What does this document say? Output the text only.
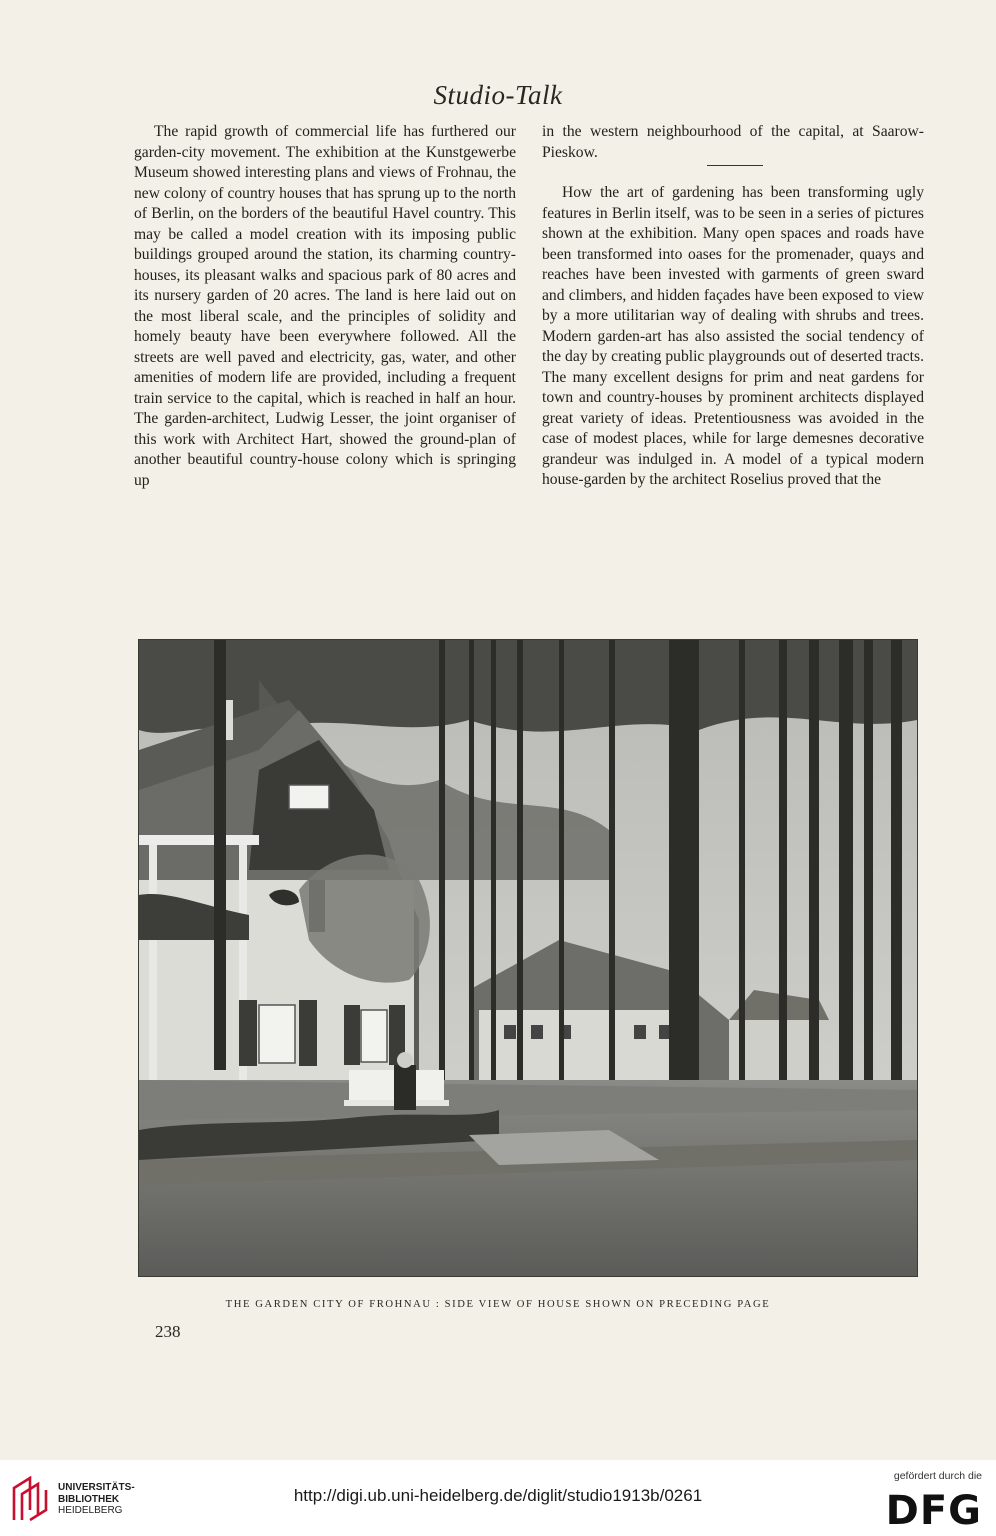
Studio-Talk

The rapid growth of commercial life has furthered our garden-city movement. The exhibition at the Kunstgewerbe Museum showed interesting plans and views of Frohnau, the new colony of country houses that has sprung up to the north of Berlin, on the borders of the beautiful Havel country. This may be called a model creation with its imposing public buildings grouped around the station, its charming country-houses, its pleasant walks and spacious park of 80 acres and its nursery garden of 20 acres. The land is here laid out on the most liberal scale, and the principles of solidity and homely beauty have been everywhere followed. All the streets are well paved and electricity, gas, water, and other amenities of modern life are provided, including a frequent train service to the capital, which is reached in half an hour. The garden-architect, Ludwig Lesser, the joint organiser of this work with Architect Hart, showed the ground-plan of another beautiful country-house colony which is springing up

in the western neighbourhood of the capital, at Saarow-Pieskow.

How the art of gardening has been transforming ugly features in Berlin itself, was to be seen in a series of pictures shown at the exhibition. Many open spaces and roads have been transformed into oases for the promenader, quays and reaches have been invested with garments of green sward and climbers, and hidden façades have been exposed to view by a more utilitarian way of dealing with shrubs and trees. Modern garden-art has also assisted the social tendency of the day by creating public playgrounds out of deserted tracts. The many excellent designs for prim and neat gardens for town and country-houses by prominent architects displayed great variety of ideas. Pretentiousness was avoided in the case of modest places, while for large demesnes decorative grandeur was indulged in. A model of a typical modern house-garden by the architect Roselius proved that the

THE GARDEN CITY OF FROHNAU : SIDE VIEW OF HOUSE SHOWN ON PRECEDING PAGE
238
UNIVERSITÄTS-
BIBLIOTHEK
HEIDELBERG
http://digi.ub.uni-heidelberg.de/diglit/studio1913b/0261
gefördert durch die
DFG
